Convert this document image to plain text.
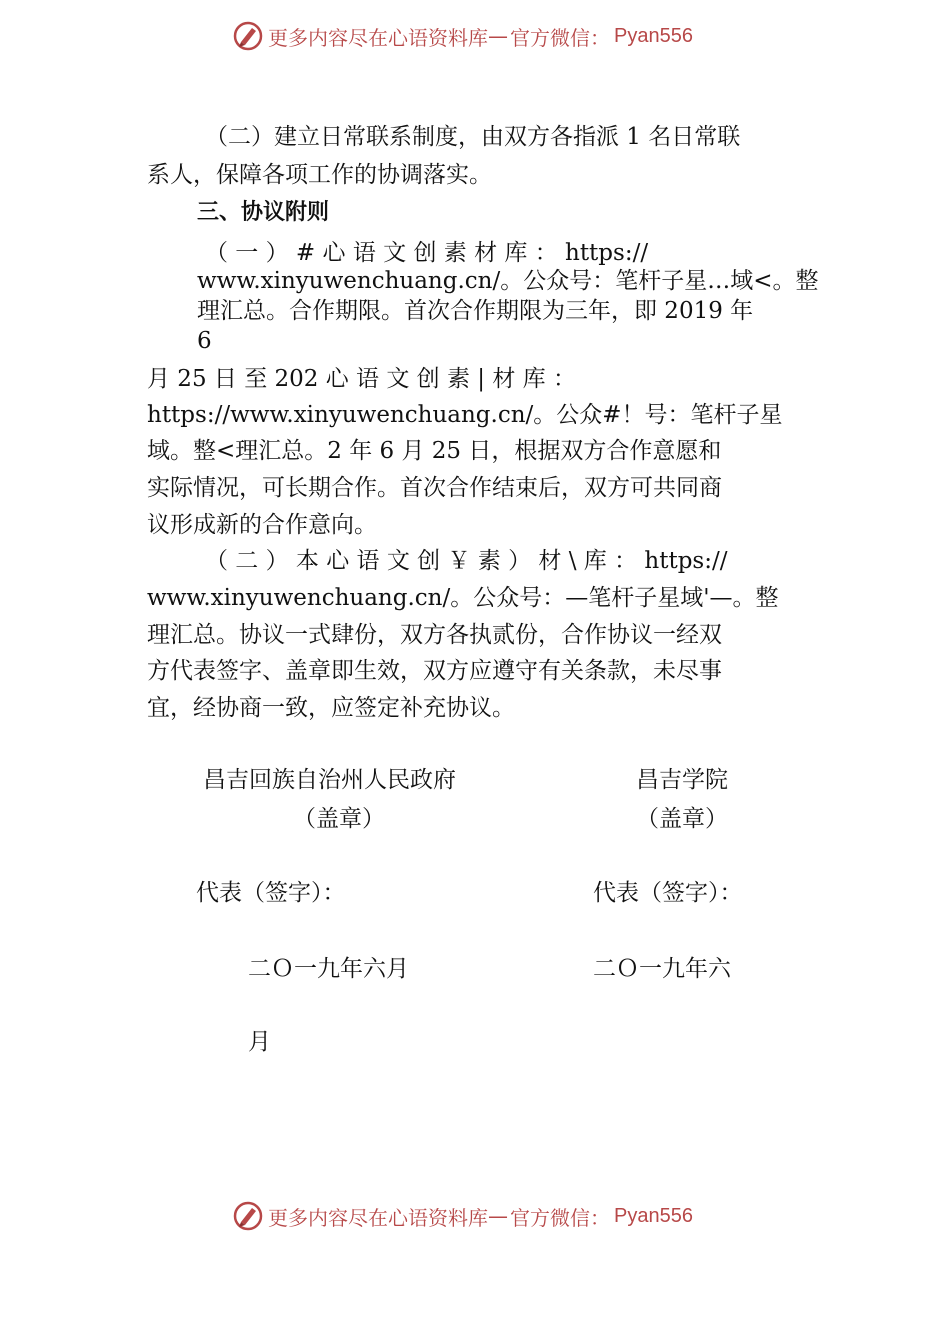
更多内容尽在心语资料库 — 官方微信： Pyan556
（二）建立日常联系制度，由双方各指派 1 名日常联
系人，保障各项工作的协调落实。
三、协议附则
（ 一 ） # 心 语 文 创 素 材 库 ： https://
www.xinyuwenchuang.cn/。公众号：笔杆子星…域<。整
理汇总。合作期限。首次合作期限为三年，即 2019 年
6
月 25 日 至 202 心 语 文 创 素 | 材 库 ：
https://www.xinyuwenchuang.cn/。公众#！号：笔杆子星
域。整<理汇总。2 年 6 月 25 日，根据双方合作意愿和
实际情况，可长期合作。首次合作结束后，双方可共同商
议形成新的合作意向。
（ 二 ） 本 心 语 文 创 ￥ 素 ） 材 \ 库 ： https://
www.xinyuwenchuang.cn/。公众号：—笔杆子星域'—。整
理汇总。协议一式肆份，双方各执贰份，合作协议一经双
方代表签字、盖章即生效，双方应遵守有关条款，未尽事
宜，经协商一致，应签定补充协议。
昌吉回族自治州人民政府
（盖章）
昌吉学院
（盖章）
代表（签字）：	代表（签字）：
二Ｏ一九年六月	二Ｏ一九年六
月
更多内容尽在心语资料库 — 官方微信： Pyan556
